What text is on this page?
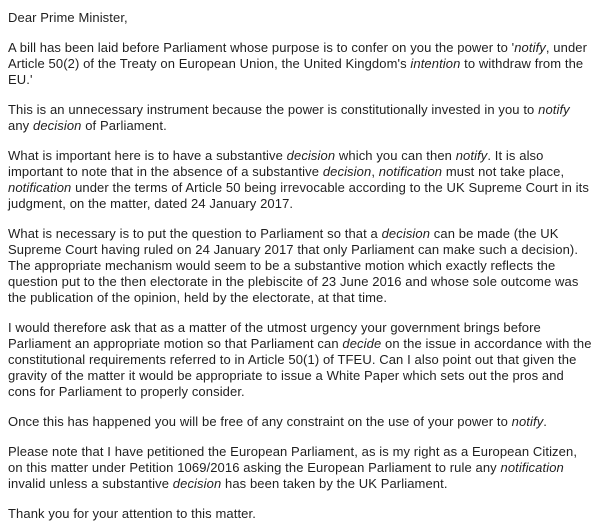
Dear Prime Minister,

A bill has been laid before Parliament whose purpose is to confer on you the power to 'notify, under Article 50(2) of the Treaty on European Union, the United Kingdom's intention to withdraw from the EU.'

This is an unnecessary instrument because the power is constitutionally invested in you to notify any decision of Parliament.

What is important here is to have a substantive decision which you can then notify. It is also important to note that in the absence of a substantive decision, notification must not take place, notification under the terms of Article 50 being irrevocable according to the UK Supreme Court in its judgment, on the matter, dated 24 January 2017.

What is necessary is to put the question to Parliament so that a decision can be made (the UK Supreme Court having ruled on 24 January 2017 that only Parliament can make such a decision). The appropriate mechanism would seem to be a substantive motion which exactly reflects the question put to the then electorate in the plebiscite of 23 June 2016 and whose sole outcome was the publication of the opinion, held by the electorate, at that time.

I would therefore ask that as a matter of the utmost urgency your government brings before Parliament an appropriate motion so that Parliament can decide on the issue in accordance with the constitutional requirements referred to in Article 50(1) of TFEU. Can I also point out that given the gravity of the matter it would be appropriate to issue a White Paper which sets out the pros and cons for Parliament to properly consider.

Once this has happened you will be free of any constraint on the use of your power to notify.

Please note that I have petitioned the European Parliament, as is my right as a European Citizen, on this matter under Petition 1069/2016 asking the European Parliament to rule any notification invalid unless a substantive decision has been taken by the UK Parliament.

Thank you for your attention to this matter.
